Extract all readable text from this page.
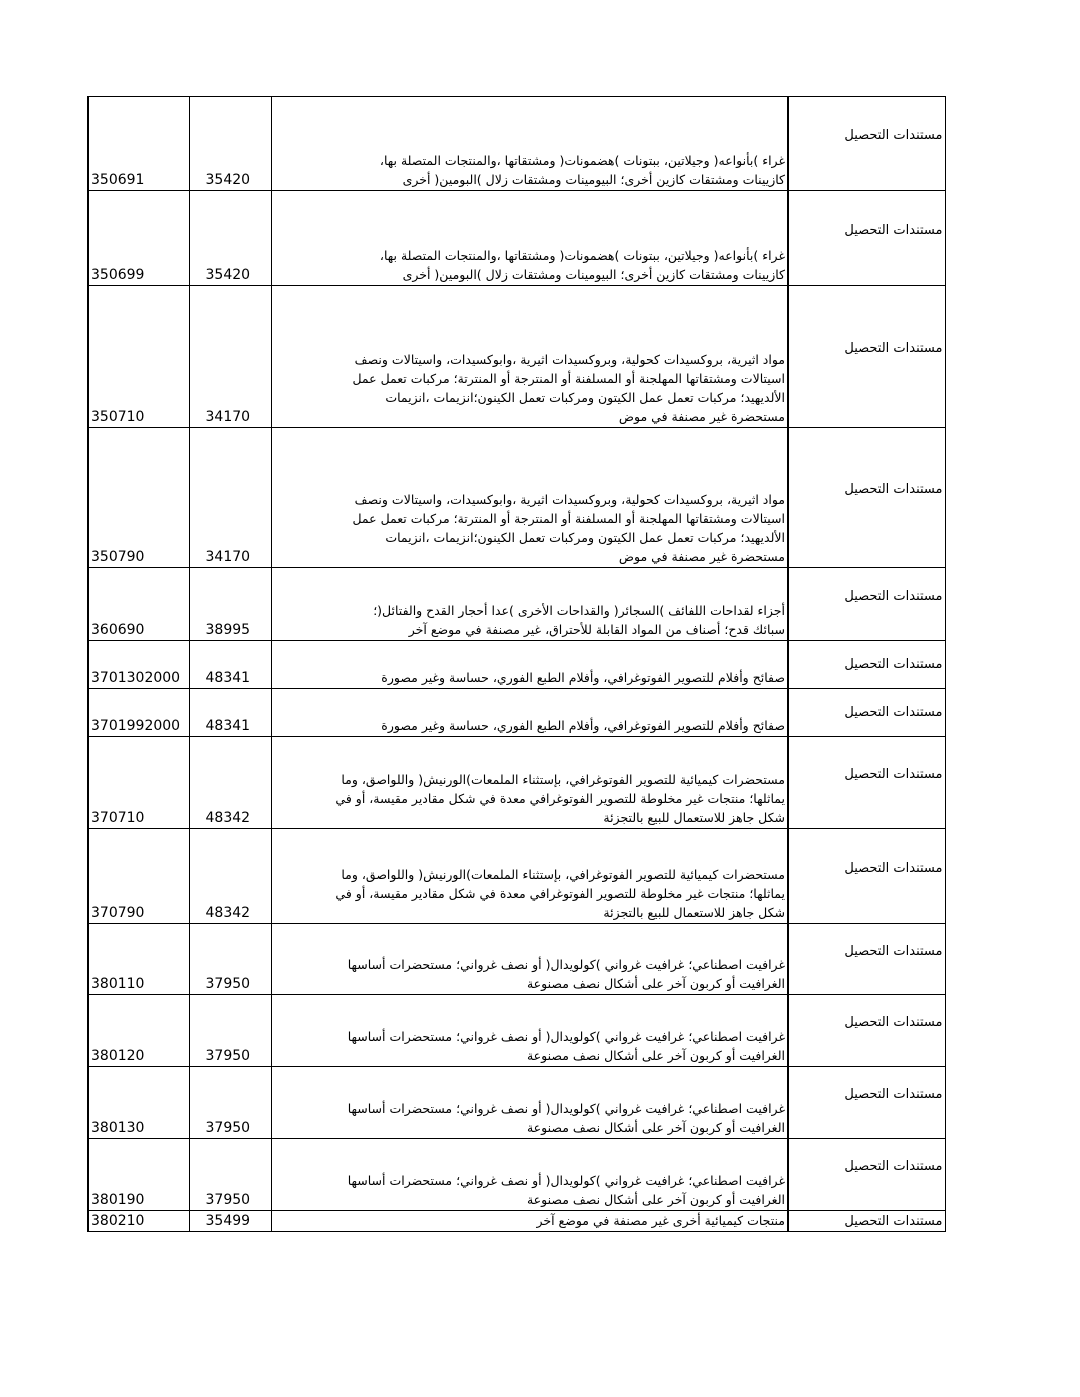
350691	35420	غراء )بأنواعه( وجيلاتين، ببتونات )هضمونات( ومشتقاتها ،والمنتجات المتصلة بها،
كازيينات ومشتقات كازين أخرى؛ البيومينات ومشتقات زلال )البومين( أخرى	مستندات التحصيل
350699	35420	غراء )بأنواعه( وجيلاتين، ببتونات )هضمونات( ومشتقاتها ،والمنتجات المتصلة بها،
كازيينات ومشتقات كازين أخرى؛ البيومينات ومشتقات زلال )البومين( أخرى	مستندات التحصيل
350710	34170	مواد اثيرية، بروكسيدات كحولية، وبروكسيدات اثيرية ،وابوكسيدات، واسيتالات ونصف
اسيتالات ومشتقاتها المهلجنة أو المسلفنة أو المنترجة أو المنترتة؛ مركبات تعمل عمل
الألديهيد؛ مركبات تعمل عمل الكيتون ومركبات تعمل الكينون؛انزيمات ،انزيمات
مستحضرة غير مصنفة في موض	مستندات التحصيل
350790	34170	مواد اثيرية، بروكسيدات كحولية، وبروكسيدات اثيرية ،وابوكسيدات، واسيتالات ونصف
اسيتالات ومشتقاتها المهلجنة أو المسلفنة أو المنترجة أو المنترتة؛ مركبات تعمل عمل
الألديهيد؛ مركبات تعمل عمل الكيتون ومركبات تعمل الكينون؛انزيمات ،انزيمات
مستحضرة غير مصنفة في موض	مستندات التحصيل
360690	38995	أجزاء لقداحات اللفائف )السجائر( والقداحات الأخرى )عدا أحجار القدح والفتائل(؛
سبائك قدح؛ أصناف من المواد القابلة للأحتراق، غير مصنفة في موضع آخر	مستندات التحصيل
3701302000	48341	صفائح وأفلام للتصوير الفوتوغرافي، وأفلام الطبع الفوري، حساسة وغير مصورة	مستندات التحصيل
3701992000	48341	صفائح وأفلام للتصوير الفوتوغرافي، وأفلام الطبع الفوري، حساسة وغير مصورة	مستندات التحصيل
370710	48342	مستحضرات كيميائية للتصوير الفوتوغرافي، بإستثناء الملمعات)الورنيش( واللواصق، وما
يماثلها؛ منتجات غير مخلوطة للتصوير الفوتوغرافي معدة في شكل مقادير مقيسة، أو في
شكل جاهز للاستعمال للبيع بالتجزئة	مستندات التحصيل
370790	48342	مستحضرات كيميائية للتصوير الفوتوغرافي، بإستثناء الملمعات)الورنيش( واللواصق، وما
يماثلها؛ منتجات غير مخلوطة للتصوير الفوتوغرافي معدة في شكل مقادير مقيسة، أو في
شكل جاهز للاستعمال للبيع بالتجزئة	مستندات التحصيل
380110	37950	غرافيت اصطناعي؛ غرافيت غرواني )كولويدال( أو نصف غرواني؛ مستحضرات أساسها
الغرافيت أو كربون آخر على أشكال نصف مصنوعة	مستندات التحصيل
380120	37950	غرافيت اصطناعي؛ غرافيت غرواني )كولويدال( أو نصف غرواني؛ مستحضرات أساسها
الغرافيت أو كربون آخر على أشكال نصف مصنوعة	مستندات التحصيل
380130	37950	غرافيت اصطناعي؛ غرافيت غرواني )كولويدال( أو نصف غرواني؛ مستحضرات أساسها
الغرافيت أو كربون آخر على أشكال نصف مصنوعة	مستندات التحصيل
380190	37950	غرافيت اصطناعي؛ غرافيت غرواني )كولويدال( أو نصف غرواني؛ مستحضرات أساسها
الغرافيت أو كربون آخر على أشكال نصف مصنوعة	مستندات التحصيل
380210	35499	منتجات كيميائية أخرى غير مصنفة في موضع آخر	مستندات التحصيل
